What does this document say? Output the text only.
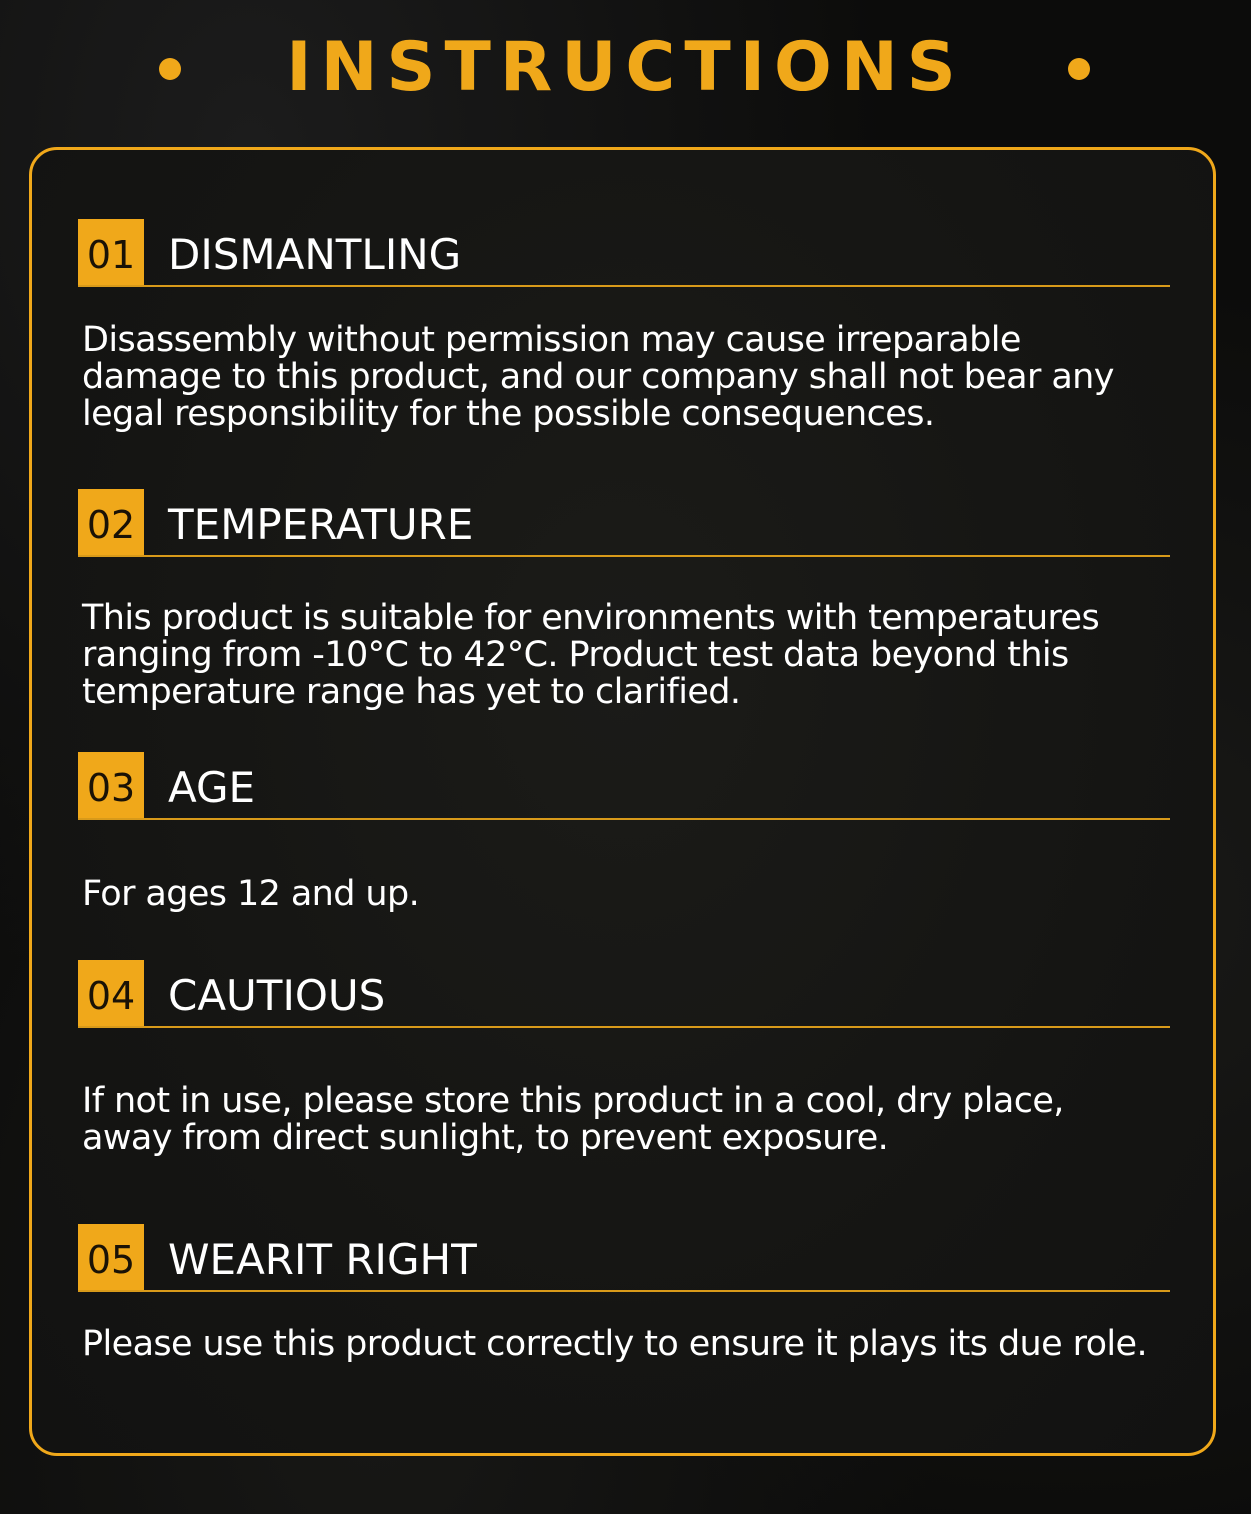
INSTRUCTIONS
01 DISMANTLING
Disassembly without permission may cause irreparable
damage to this product, and our company shall not bear any
legal responsibility for the possible consequences.
02 TEMPERATURE
This product is suitable for environments with temperatures
ranging from -10°C to 42°C. Product test data beyond this
temperature range has yet to clarified.
03 AGE
For ages 12 and up.
04 CAUTIOUS
If not in use, please store this product in a cool, dry place,
away from direct sunlight, to prevent exposure.
05 WEARIT RIGHT
Please use this product correctly to ensure it plays its due role.
